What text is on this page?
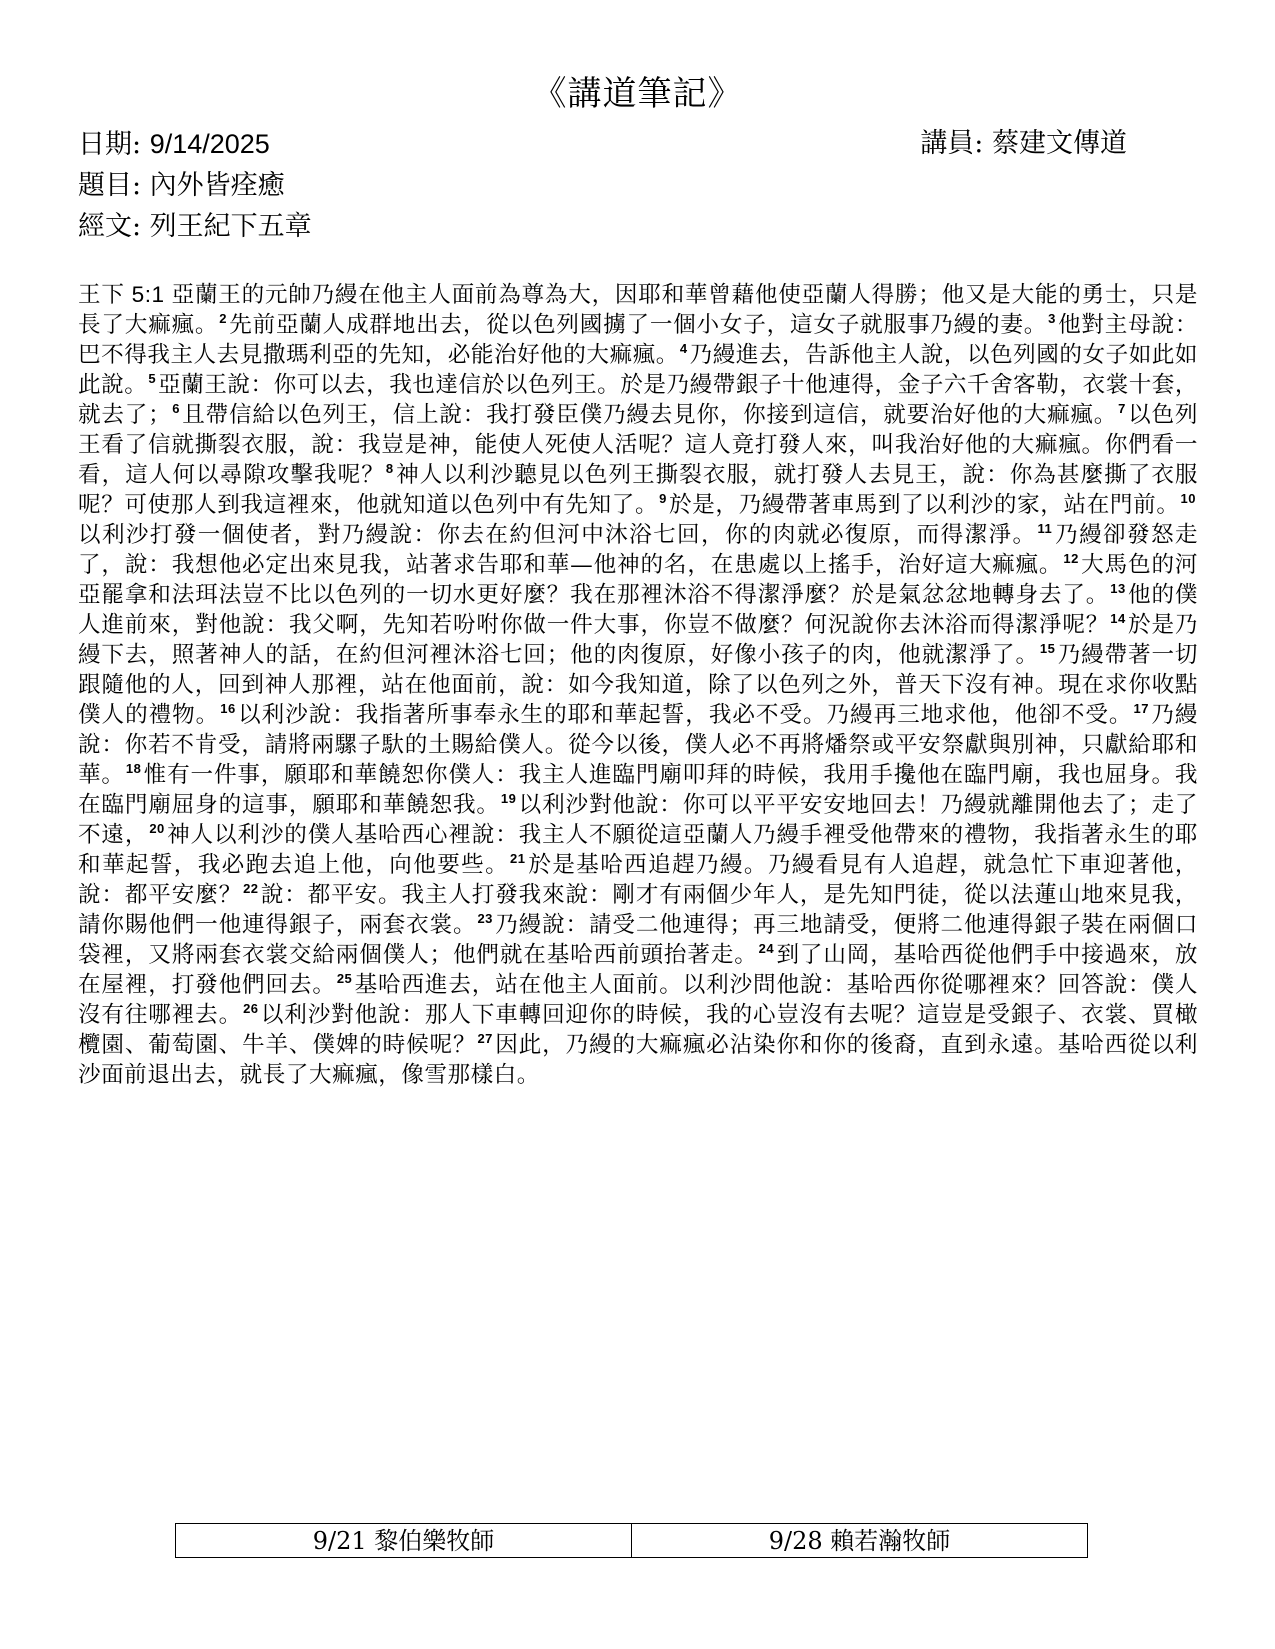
《講道筆記》
日期: 9/14/2025	講員: 蔡建文傳道
題目: 內外皆痊癒
經文: 列王紀下五章
王下 5:1 亞蘭王的元帥乃縵在他主人面前為尊為大，因耶和華曾藉他使亞蘭人得勝；他又是大能的勇士，只是長了大痲瘋。$^2$先前亞蘭人成群地出去，從以色列國擄了一個小女子，這女子就服事乃縵的妻。$^3$他對主母說：巴不得我主人去見撒瑪利亞的先知，必能治好他的大痲瘋。$^4$乃縵進去，告訴他主人說，以色列國的女子如此如此說。$^5$亞蘭王說：你可以去，我也達信於以色列王。於是乃縵帶銀子十他連得，金子六千舍客勒，衣裳十套，就去了；$^6$且帶信給以色列王，信上說：我打發臣僕乃縵去見你，你接到這信，就要治好他的大痲瘋。$^7$以色列王看了信就撕裂衣服，說：我豈是神，能使人死使人活呢？這人竟打發人來，叫我治好他的大痲瘋。你們看一看，這人何以尋隙攻擊我呢？$^8$神人以利沙聽見以色列王撕裂衣服，就打發人去見王，說：你為甚麼撕了衣服呢？可使那人到我這裡來，他就知道以色列中有先知了。$^9$於是，乃縵帶著車馬到了以利沙的家，站在門前。$^{10}$以利沙打發一個使者，對乃縵說：你去在約但河中沐浴七回，你的肉就必復原，而得潔淨。$^{11}$乃縵卻發怒走了，說：我想他必定出來見我，站著求告耶和華—他神的名，在患處以上搖手，治好這大痲瘋。$^{12}$大馬色的河亞罷拿和法珥法豈不比以色列的一切水更好麼？我在那裡沐浴不得潔淨麼？於是氣忿忿地轉身去了。$^{13}$他的僕人進前來，對他說：我父啊，先知若吩咐你做一件大事，你豈不做麼？何況說你去沐浴而得潔淨呢？$^{14}$於是乃縵下去，照著神人的話，在約但河裡沐浴七回；他的肉復原，好像小孩子的肉，他就潔淨了。$^{15}$乃縵帶著一切跟隨他的人，回到神人那裡，站在他面前，說：如今我知道，除了以色列之外，普天下沒有神。現在求你收點僕人的禮物。$^{16}$以利沙說：我指著所事奉永生的耶和華起誓，我必不受。乃縵再三地求他，他卻不受。$^{17}$乃縵說：你若不肯受，請將兩騾子馱的土賜給僕人。從今以後，僕人必不再將燔祭或平安祭獻與別神，只獻給耶和華。$^{18}$惟有一件事，願耶和華饒恕你僕人：我主人進臨門廟叩拜的時候，我用手攙他在臨門廟，我也屈身。我在臨門廟屈身的這事，願耶和華饒恕我。$^{19}$以利沙對他說：你可以平平安安地回去！乃縵就離開他去了；走了不遠，$^{20}$神人以利沙的僕人基哈西心裡說：我主人不願從這亞蘭人乃縵手裡受他帶來的禮物，我指著永生的耶和華起誓，我必跑去追上他，向他要些。$^{21}$於是基哈西追趕乃縵。乃縵看見有人追趕，就急忙下車迎著他，說：都平安麼？$^{22}$說：都平安。我主人打發我來說：剛才有兩個少年人，是先知門徒，從以法蓮山地來見我，請你賜他們一他連得銀子，兩套衣裳。$^{23}$乃縵說：請受二他連得；再三地請受，便將二他連得銀子裝在兩個口袋裡，又將兩套衣裳交給兩個僕人；他們就在基哈西前頭抬著走。$^{24}$到了山岡，基哈西從他們手中接過來，放在屋裡，打發他們回去。$^{25}$基哈西進去，站在他主人面前。以利沙問他說：基哈西你從哪裡來？回答說：僕人沒有往哪裡去。$^{26}$以利沙對他說：那人下車轉回迎你的時候，我的心豈沒有去呢？這豈是受銀子、衣裳、買橄欖園、葡萄園、牛羊、僕婢的時候呢？$^{27}$因此，乃縵的大痲瘋必沾染你和你的後裔，直到永遠。基哈西從以利沙面前退出去，就長了大痲瘋，像雪那樣白。
9/21 黎伯樂牧師	9/28 賴若瀚牧師
